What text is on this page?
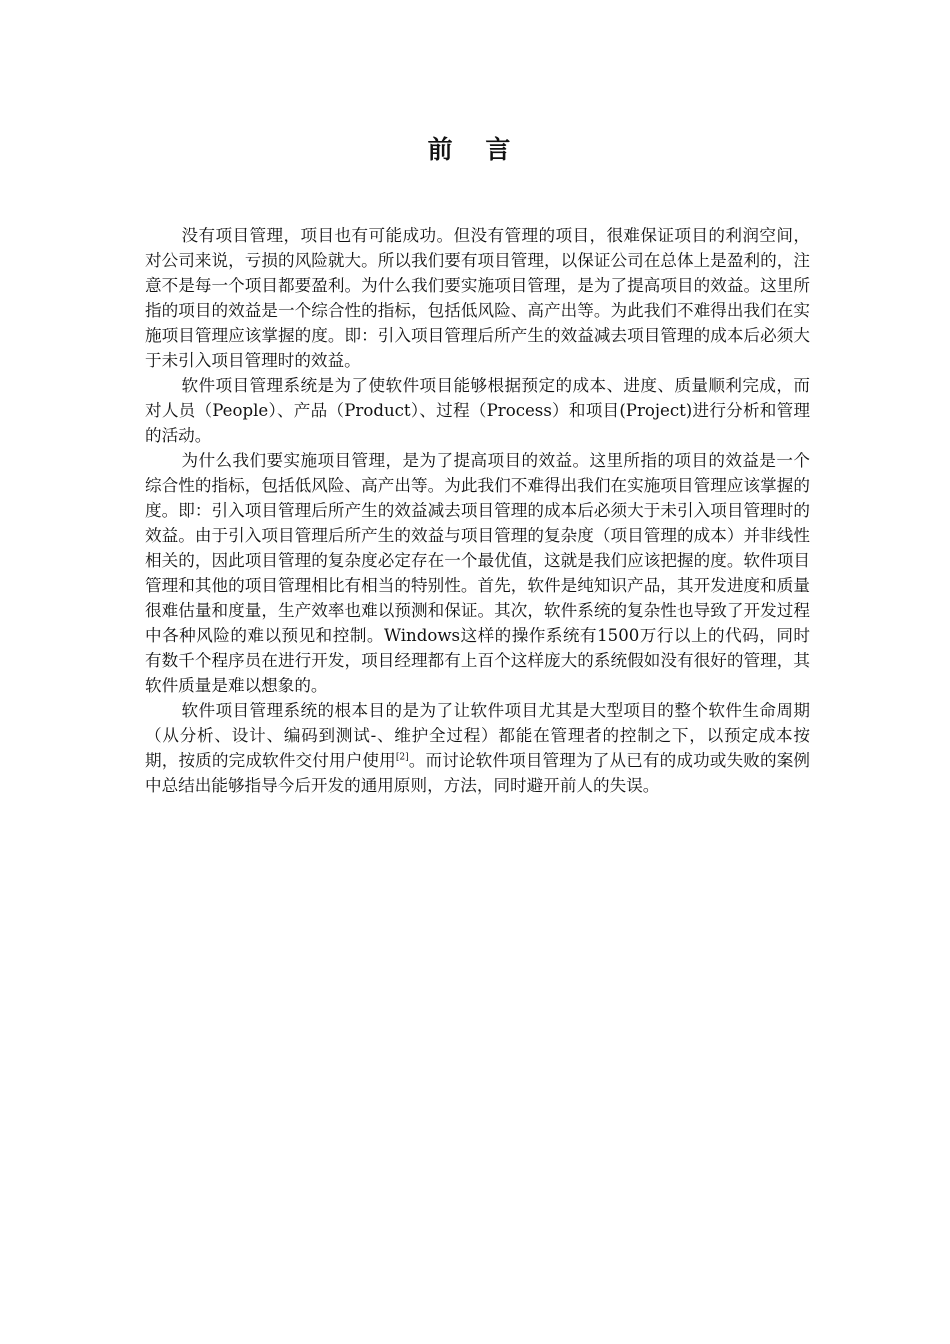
前 言

没有项目管理，项目也有可能成功。但没有管理的项目，很难保证项目的利润空间，对公司来说，亏损的风险就大。所以我们要有项目管理，以保证公司在总体上是盈利的，注意不是每一个项目都要盈利。为什么我们要实施项目管理，是为了提高项目的效益。这里所指的项目的效益是一个综合性的指标，包括低风险、高产出等。为此我们不难得出我们在实施项目管理应该掌握的度。即：引入项目管理后所产生的效益减去项目管理的成本后必须大于未引入项目管理时的效益。

软件项目管理系统是为了使软件项目能够根据预定的成本、进度、质量顺利完成，而对人员（People）、产品（Product）、过程（Process）和项目(Project)进行分析和管理的活动。

为什么我们要实施项目管理，是为了提高项目的效益。这里所指的项目的效益是一个综合性的指标，包括低风险、高产出等。为此我们不难得出我们在实施项目管理应该掌握的度。即：引入项目管理后所产生的效益减去项目管理的成本后必须大于未引入项目管理时的效益。由于引入项目管理后所产生的效益与项目管理的复杂度（项目管理的成本）并非线性相关的，因此项目管理的复杂度必定存在一个最优值，这就是我们应该把握的度。软件项目管理和其他的项目管理相比有相当的特别性。首先，软件是纯知识产品，其开发进度和质量很难估量和度量，生产效率也难以预测和保证。其次，软件系统的复杂性也导致了开发过程中各种风险的难以预见和控制。Windows这样的操作系统有1500万行以上的代码，同时有数千个程序员在进行开发，项目经理都有上百个这样庞大的系统假如没有很好的管理，其软件质量是难以想象的。

软件项目管理系统的根本目的是为了让软件项目尤其是大型项目的整个软件生命周期（从分析、设计、编码到测试-、维护全过程）都能在管理者的控制之下，以预定成本按期，按质的完成软件交付用户使用[2]。而讨论软件项目管理为了从已有的成功或失败的案例中总结出能够指导今后开发的通用原则，方法，同时避开前人的失误。
